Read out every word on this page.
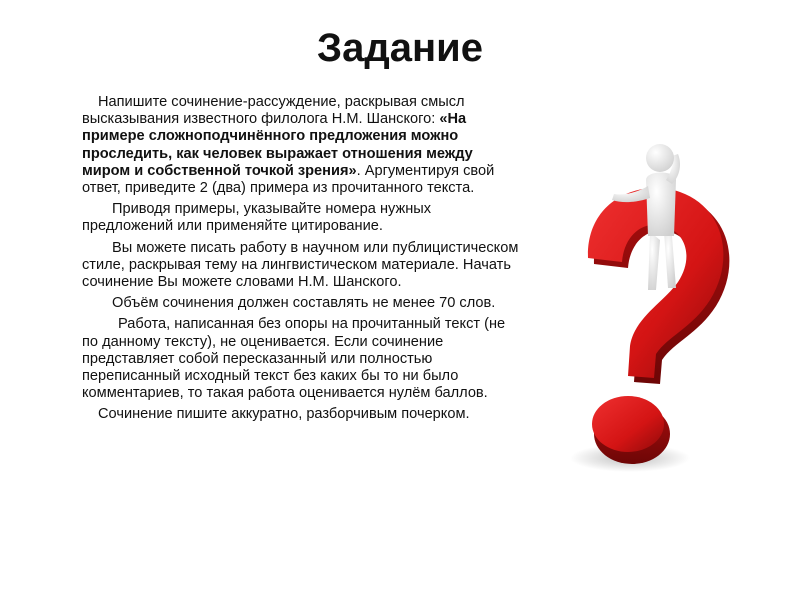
Задание

Напишите сочинение-рассуждение, раскрывая смысл высказывания известного филолога Н.М. Шанского: «На примере сложноподчинённого предложения можно проследить, как человек выражает отношения между миром и собственной точкой зрения». Аргументируя свой ответ, приведите 2 (два) примера из прочитанного текста.

Приводя примеры, указывайте номера нужных предложений или применяйте цитирование.

Вы можете писать работу в научном или публицистическом стиле, раскрывая тему на лингвистическом материале. Начать сочинение Вы можете словами Н.М. Шанского.

Объём сочинения должен составлять не менее 70 слов.

Работа, написанная без опоры на прочитанный текст (не по данному тексту), не оценивается. Если сочинение представляет собой пересказанный или полностью переписанный исходный текст без каких бы то ни было комментариев, то такая работа оценивается нулём баллов.

Сочинение пишите аккуратно, разборчивым почерком.
